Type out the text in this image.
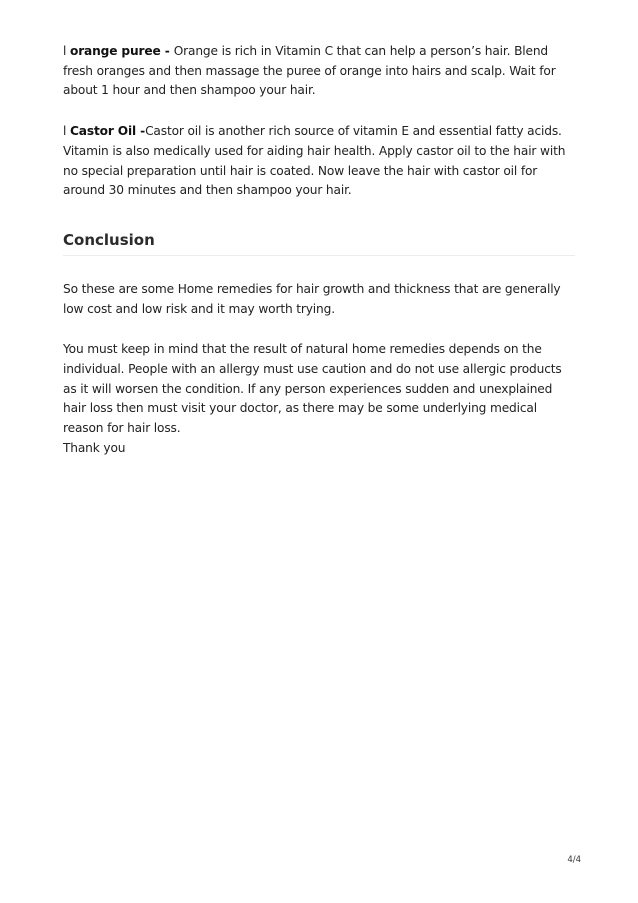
l orange puree - Orange is rich in Vitamin C that can help a person’s hair. Blend fresh oranges and then massage the puree of orange into hairs and scalp. Wait for about 1 hour and then shampoo your hair.

l Castor Oil -Castor oil is another rich source of vitamin E and essential fatty acids. Vitamin is also medically used for aiding hair health. Apply castor oil to the hair with no special preparation until hair is coated. Now leave the hair with castor oil for around 30 minutes and then shampoo your hair.

Conclusion

So these are some Home remedies for hair growth and thickness that are generally low cost and low risk and it may worth trying.

You must keep in mind that the result of natural home remedies depends on the individual. People with an allergy must use caution and do not use allergic products as it will worsen the condition. If any person experiences sudden and unexplained hair loss then must visit your doctor, as there may be some underlying medical reason for hair loss.

Thank you

4/4
